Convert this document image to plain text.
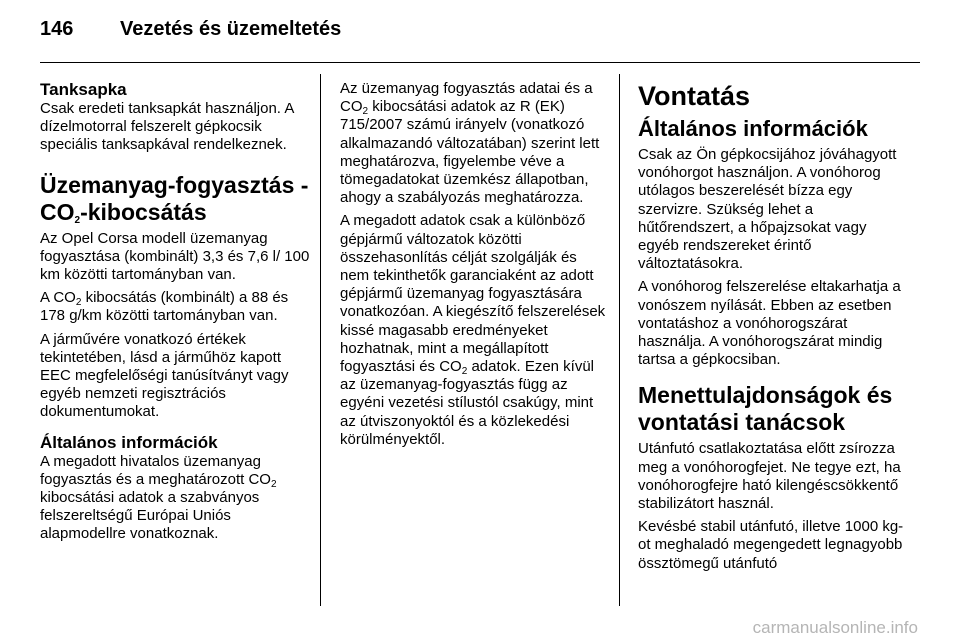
146 Vezetés és üzemeltetés
Tanksapka

Csak eredeti tanksapkát használjon. A dízelmotorral felszerelt gépkocsik speciális tanksapkával rendelkeznek.

Üzemanyag-fogyasztás - $CO_2$-kibocsátás

Az Opel Corsa modell üzemanyag fogyasztása (kombinált) 3,3 és 7,6 l/ 100 km közötti tartományban van.

A $CO_2$ kibocsátás (kombinált) a 88 és 178 g/km közötti tartományban van.

A járművére vonatkozó értékek tekintetében, lásd a járműhöz kapott EEC megfelelőségi tanúsítványt vagy egyéb nemzeti regisztrációs dokumentumokat.

Általános információk

A megadott hivatalos üzemanyag fogyasztás és a meghatározott $CO_2$ kibocsátási adatok a szabványos felszereltségű Európai Uniós alapmodellre vonatkoznak.

Az üzemanyag fogyasztás adatai és a $CO_2$ kibocsátási adatok az R (EK) 715/2007 számú irányelv (vonatkozó alkalmazandó változatában) szerint lett meghatározva, figyelembe véve a tömegadatokat üzemkész állapotban, ahogy a szabályozás meghatározza.

A megadott adatok csak a különböző gépjármű változatok közötti összehasonlítás célját szolgálják és nem tekinthetők garanciaként az adott gépjármű üzemanyag fogyasztására vonatkozóan. A kiegészítő felszerelések kissé magasabb eredményeket hozhatnak, mint a megállapított fogyasztási és $CO_2$ adatok. Ezen kívül az üzemanyag-fogyasztás függ az egyéni vezetési stílustól csakúgy, mint az útviszonyoktól és a közlekedési körülményektől.

Vontatás
Általános információk

Csak az Ön gépkocsijához jóváhagyott vonóhorgot használjon. A vonóhorog utólagos beszerelését bízza egy szervizre. Szükség lehet a hűtőrendszert, a hőpajzsokat vagy egyéb rendszereket érintő változtatásokra.

A vonóhorog felszerelése eltakarhatja a vonószem nyílását. Ebben az esetben vontatáshoz a vonóhorogszárat használja. A vonóhorogszárat mindig tartsa a gépkocsiban.

Menettulajdonságok és vontatási tanácsok

Utánfutó csatlakoztatása előtt zsírozza meg a vonóhorogfejet. Ne tegye ezt, ha vonóhorogfejre ható kilengéscsökkentő stabilizátort használ.

Kevésbé stabil utánfutó, illetve 1000 kg-ot meghaladó megengedett legnagyobb össztömegű utánfutó

carmanualsonline.info
